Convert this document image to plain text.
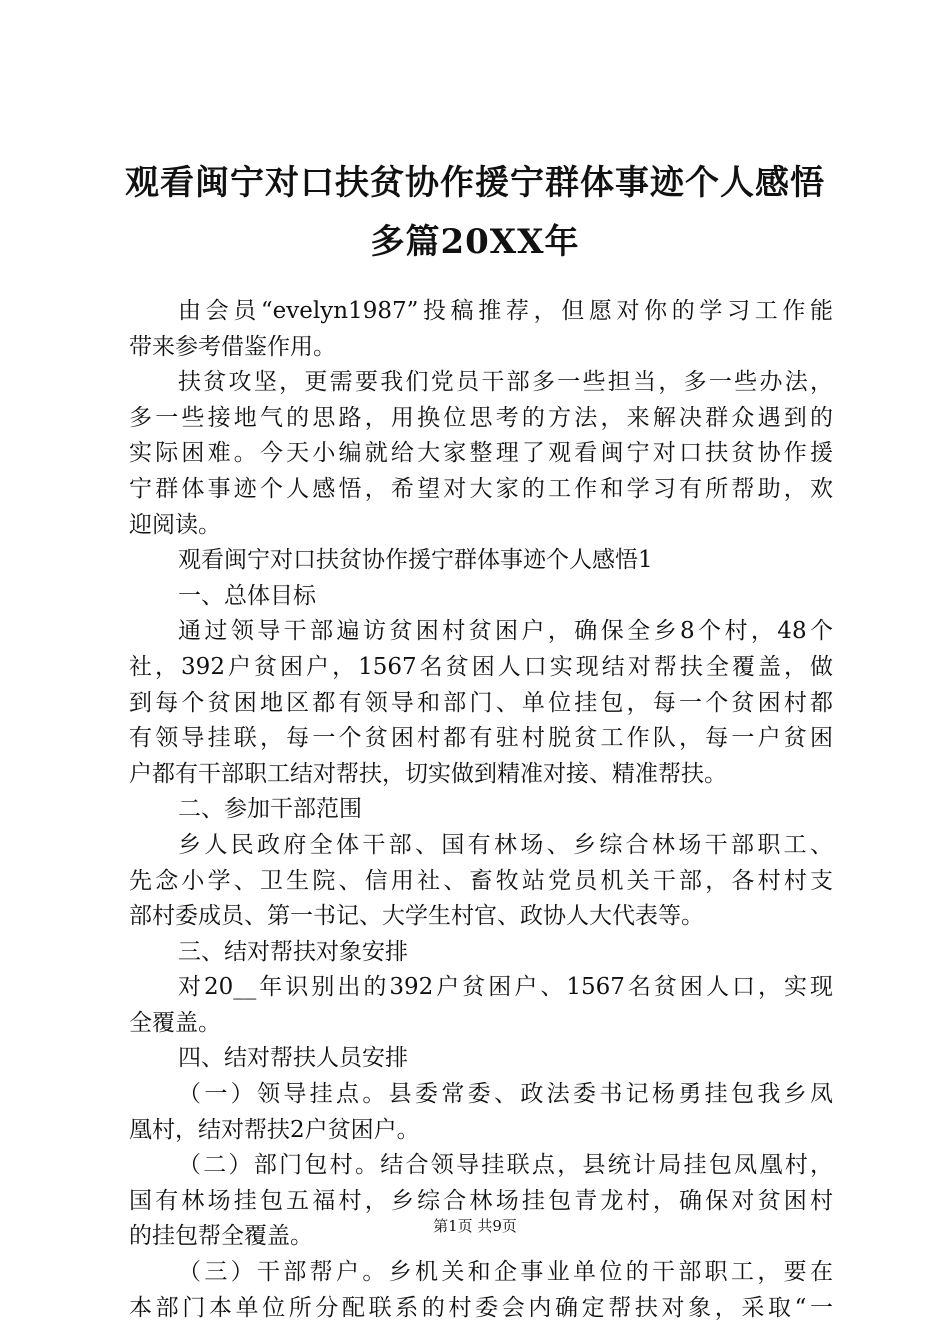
观看闽宁对口扶贫协作援宁群体事迹个人感悟
多篇20XX年
由会员“evelyn1987”投稿推荐，但愿对你的学习工作能
带来参考借鉴作用。
扶贫攻坚，更需要我们党员干部多一些担当，多一些办法，
多一些接地气的思路，用换位思考的方法，来解决群众遇到的
实际困难。今天小编就给大家整理了观看闽宁对口扶贫协作援
宁群体事迹个人感悟，希望对大家的工作和学习有所帮助，欢
迎阅读。
观看闽宁对口扶贫协作援宁群体事迹个人感悟1
一、总体目标
通过领导干部遍访贫困村贫困户，确保全乡8个村，48个
社，392户贫困户，1567名贫困人口实现结对帮扶全覆盖，做
到每个贫困地区都有领导和部门、单位挂包，每一个贫困村都
有领导挂联，每一个贫困村都有驻村脱贫工作队，每一户贫困
户都有干部职工结对帮扶，切实做到精准对接、精准帮扶。
二、参加干部范围
乡人民政府全体干部、国有林场、乡综合林场干部职工、
先念小学、卫生院、信用社、畜牧站党员机关干部，各村村支
部村委成员、第一书记、大学生村官、政协人大代表等。
三、结对帮扶对象安排
对20__年识别出的392户贫困户、1567名贫困人口，实现
全覆盖。
四、结对帮扶人员安排
（一）领导挂点。县委常委、政法委书记杨勇挂包我乡凤
凰村，结对帮扶2户贫困户。
（二）部门包村。结合领导挂联点，县统计局挂包凤凰村，
国有林场挂包五福村，乡综合林场挂包青龙村，确保对贫困村
的挂包帮全覆盖。
（三）干部帮户。乡机关和企事业单位的干部职工，要在
本部门本单位所分配联系的村委会内确定帮扶对象，采取“一
第1页 共9页
